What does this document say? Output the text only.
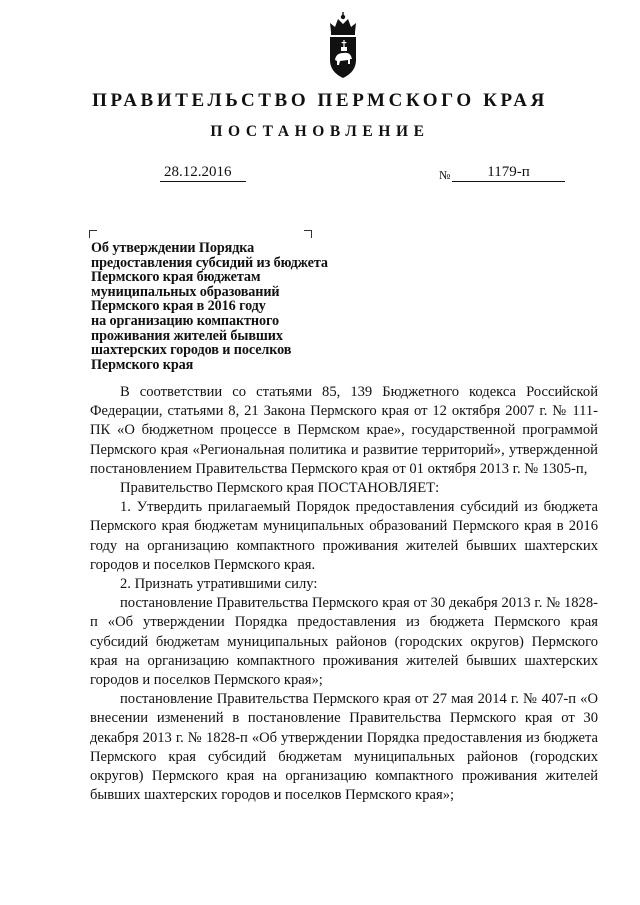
ПРАВИТЕЛЬСТВО ПЕРМСКОГО КРАЯ
ПОСТАНОВЛЕНИЕ
28.12.2016	№	1179-п

Об утверждении Порядка
предоставления субсидий из бюджета
Пермского края бюджетам
муниципальных образований
Пермского края в 2016 году
на организацию компактного
проживания жителей бывших
шахтерских городов и поселков
Пермского края

В соответствии со статьями 85, 139 Бюджетного кодекса Российской Федерации, статьями 8, 21 Закона Пермского края от 12 октября 2007 г. № 111-ПК «О бюджетном процессе в Пермском крае», государственной программой Пермского края «Региональная политика и развитие территорий», утвержденной постановлением Правительства Пермского края от 01 октября 2013 г. № 1305-п,

Правительство Пермского края ПОСТАНОВЛЯЕТ:

1. Утвердить прилагаемый Порядок предоставления субсидий из бюджета Пермского края бюджетам муниципальных образований Пермского края в 2016 году на организацию компактного проживания жителей бывших шахтерских городов и поселков Пермского края.

2. Признать утратившими силу:

постановление Правительства Пермского края от 30 декабря 2013 г. № 1828-п «Об утверждении Порядка предоставления из бюджета Пермского края субсидий бюджетам муниципальных районов (городских округов) Пермского края на организацию компактного проживания жителей бывших шахтерских городов и поселков Пермского края»;

постановление Правительства Пермского края от 27 мая 2014 г. № 407-п «О внесении изменений в постановление Правительства Пермского края от 30 декабря 2013 г. № 1828-п «Об утверждении Порядка предоставления из бюджета Пермского края субсидий бюджетам муниципальных районов (городских округов) Пермского края на организацию компактного проживания жителей бывших шахтерских городов и поселков Пермского края»;
